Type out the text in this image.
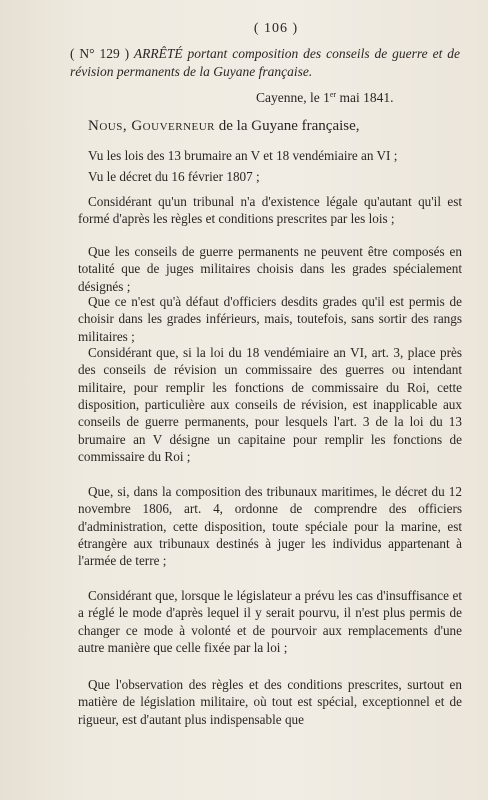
( 106 )
( N° 129 ) ARRÊTÉ portant composition des conseils de guerre et de révision permanents de la Guyane française.
Cayenne, le 1er mai 1841.
Nous, Gouverneur de la Guyane française,

Vu les lois des 13 brumaire an V et 18 vendémiaire an VI ;

Vu le décret du 16 février 1807 ;

Considérant qu'un tribunal n'a d'existence légale qu'autant qu'il est formé d'après les règles et conditions prescrites par les lois ;

Que les conseils de guerre permanents ne peuvent être composés en totalité que de juges militaires choisis dans les grades spécialement désignés ;

Que ce n'est qu'à défaut d'officiers desdits grades qu'il est permis de choisir dans les grades inférieurs, mais, toutefois, sans sortir des rangs militaires ;

Considérant que, si la loi du 18 vendémiaire an VI, art. 3, place près des conseils de révision un commissaire des guerres ou intendant militaire, pour remplir les fonctions de commissaire du Roi, cette disposition, particulière aux conseils de révision, est inapplicable aux conseils de guerre permanents, pour lesquels l'art. 3 de la loi du 13 brumaire an V désigne un capitaine pour remplir les fonctions de commissaire du Roi ;

Que, si, dans la composition des tribunaux maritimes, le décret du 12 novembre 1806, art. 4, ordonne de comprendre des officiers d'administration, cette disposition, toute spéciale pour la marine, est étrangère aux tribunaux destinés à juger les individus appartenant à l'armée de terre ;

Considérant que, lorsque le législateur a prévu les cas d'insuffisance et a réglé le mode d'après lequel il y serait pourvu, il n'est plus permis de changer ce mode à volonté et de pourvoir aux remplacements d'une autre manière que celle fixée par la loi ;

Que l'observation des règles et des conditions prescrites, surtout en matière de législation militaire, où tout est spécial, exceptionnel et de rigueur, est d'autant plus indispensable que
